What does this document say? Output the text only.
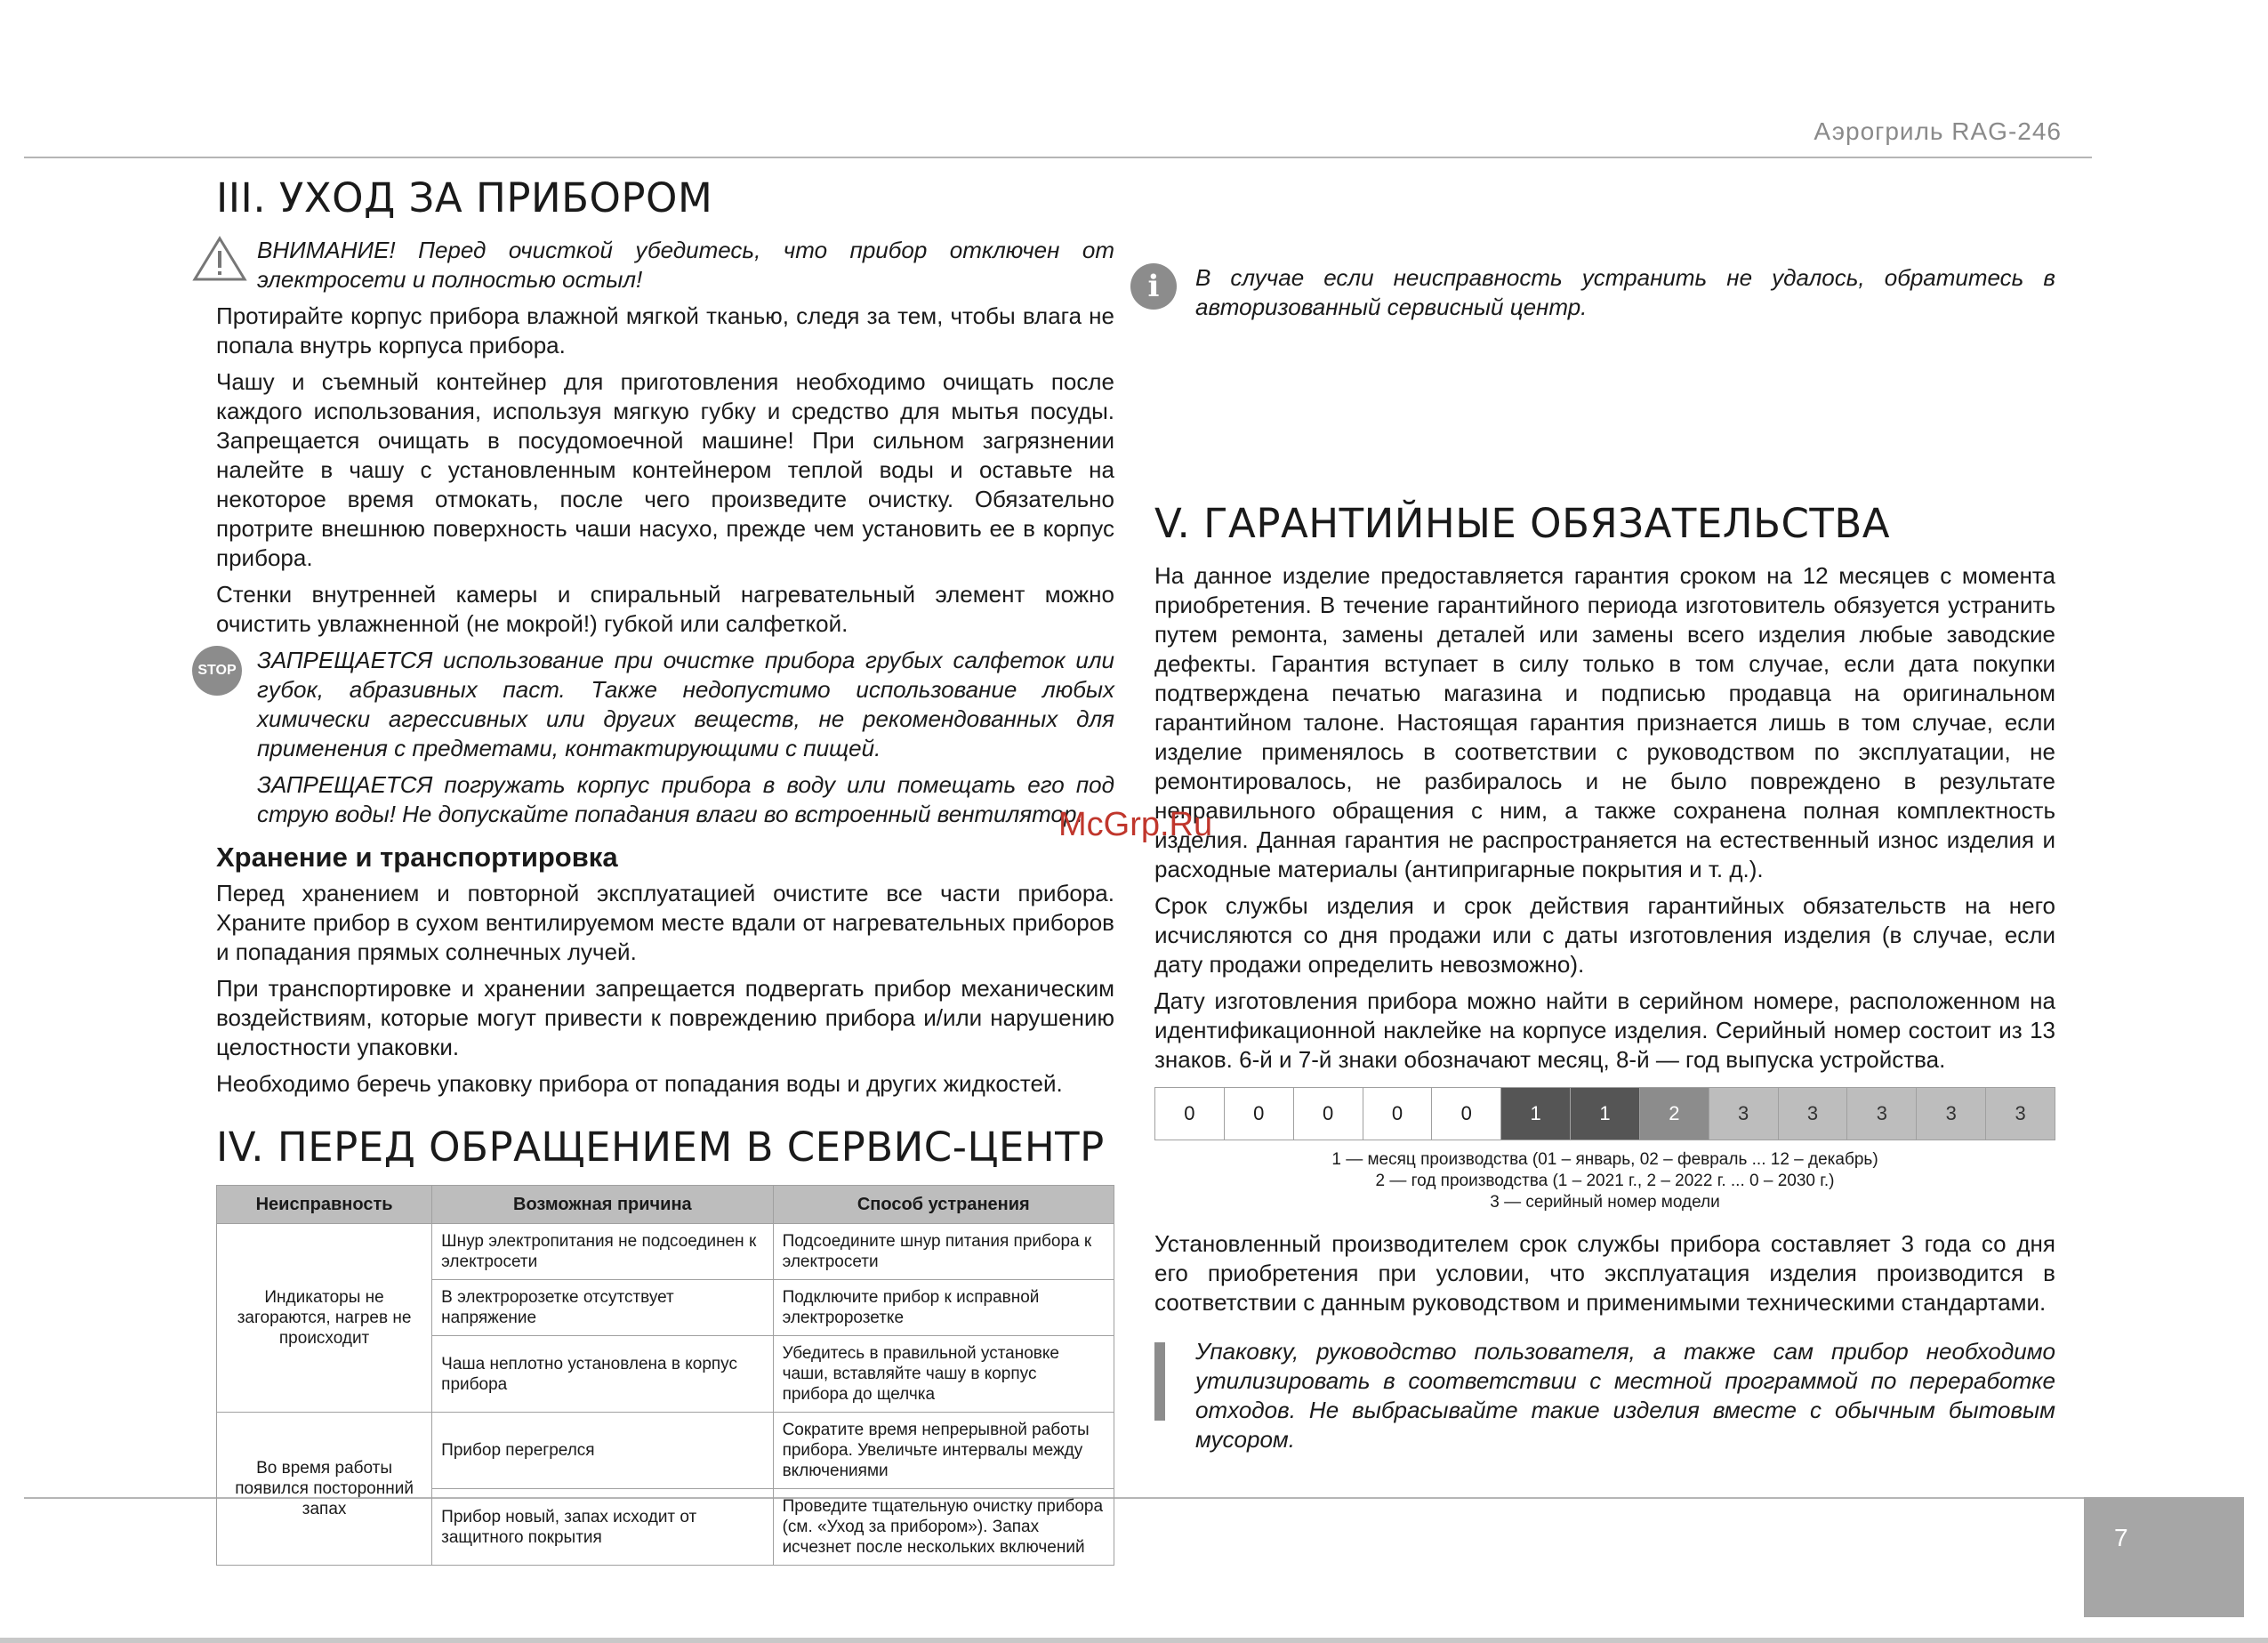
Аэрогриль RAG-246
7
III. УХОД ЗА ПРИБОРОМ

ВНИМАНИЕ! Перед очисткой убедитесь, что прибор отключен от электросети и полностью остыл!

Протирайте корпус прибора влажной мягкой тканью, следя за тем, чтобы влага не попала внутрь корпуса прибора.

Чашу и съемный контейнер для приготовления необходимо очищать после каждого использования, используя мягкую губку и средство для мытья посуды. Запрещается очищать в посудомоечной машине! При сильном загрязнении налейте в чашу с установленным контейнером теплой воды и оставьте на некоторое время отмокать, после чего произведите очистку. Обязательно протрите внешнюю поверхность чаши насухо, прежде чем установить ее в корпус прибора.

Стенки внутренней камеры и спиральный нагревательный элемент можно очистить увлажненной (не мокрой!) губкой или салфеткой.

STOP ЗАПРЕЩАЕТСЯ использование при очистке прибора грубых салфеток или губок, абразивных паст. Также недопустимо использование любых химически агрессивных или других веществ, не рекомендованных для применения с предметами, контактирующими с пищей.

ЗАПРЕЩАЕТСЯ погружать корпус прибора в воду или помещать его под струю воды! Не допускайте попадания влаги во встроенный вентилятор.

Хранение и транспортировка

Перед хранением и повторной эксплуатацией очистите все части прибора. Храните прибор в сухом вентилируемом месте вдали от нагревательных приборов и попадания прямых солнечных лучей.

При транспортировке и хранении запрещается подвергать прибор механическим воздействиям, которые могут привести к повреждению прибора и/или нарушению целостности упаковки.

Необходимо беречь упаковку прибора от попадания воды и других жидкостей.

IV. ПЕРЕД ОБРАЩЕНИЕМ В СЕРВИС-ЦЕНТР
Неисправность	Возможная причина	Способ устранения
Индикаторы не загораются, нагрев не происходит	Шнур электропитания не подсоединен к электросети	Подсоедините шнур питания прибора к электросети
	В электророзетке отсутствует напряжение	Подключите прибор к исправной электророзетке
	Чаша неплотно установлена в корпус прибора	Убедитесь в правильной установке чаши, вставляйте чашу в корпус прибора до щелчка
Во время работы появился посторонний запах	Прибор перегрелся	Сократите время непрерывной работы прибора. Увеличьте интервалы между включениями
	Прибор новый, запах исходит от защитного покрытия	Проведите тщательную очистку прибора (см. «Уход за прибором»). Запах исчезнет после нескольких включений
i	В случае если неисправность устранить не удалось, обратитесь в авторизованный сервисный центр.

V. ГАРАНТИЙНЫЕ ОБЯЗАТЕЛЬСТВА

На данное изделие предоставляется гарантия сроком на 12 месяцев с момента приобретения. В течение гарантийного периода изготовитель обязуется устранить путем ремонта, замены деталей или замены всего изделия любые заводские дефекты. Гарантия вступает в силу только в том случае, если дата покупки подтверждена печатью магазина и подписью продавца на оригинальном гарантийном талоне. Настоящая гарантия признается лишь в том случае, если изделие применялось в соответствии с руководством по эксплуатации, не ремонтировалось, не разбиралось и не было повреждено в результате неправильного обращения с ним, а также сохранена полная комплектность изделия. Данная гарантия не распространяется на естественный износ изделия и расходные материалы (антипригарные покрытия и т. д.).

Срок службы изделия и срок действия гарантийных обязательств на него исчисляются со дня продажи или с даты изготовления изделия (в случае, если дату продажи определить невозможно).

Дату изготовления прибора можно найти в серийном номере, расположенном на идентификационной наклейке на корпусе изделия. Серийный номер состоит из 13 знаков. 6-й и 7-й знаки обозначают месяц, 8-й — год выпуска устройства.

0	0	0	0	0	1	1	2	3	3	3	3	3
1 — месяц производства (01 – январь, 02 – февраль ... 12 – декабрь)
2 — год производства (1 – 2021 г., 2 – 2022 г. ... 0 – 2030 г.)
3 — серийный номер модели

Установленный производителем срок службы прибора составляет 3 года со дня его приобретения при условии, что эксплуатация изделия производится в соответствии с данным руководством и применимыми техническими стандартами.

Упаковку, руководство пользователя, а также сам прибор необходимо утилизировать в соответствии с местной программой по переработке отходов. Не выбрасывайте такие изделия вместе с обычным бытовым мусором.

McGrp.Ru
